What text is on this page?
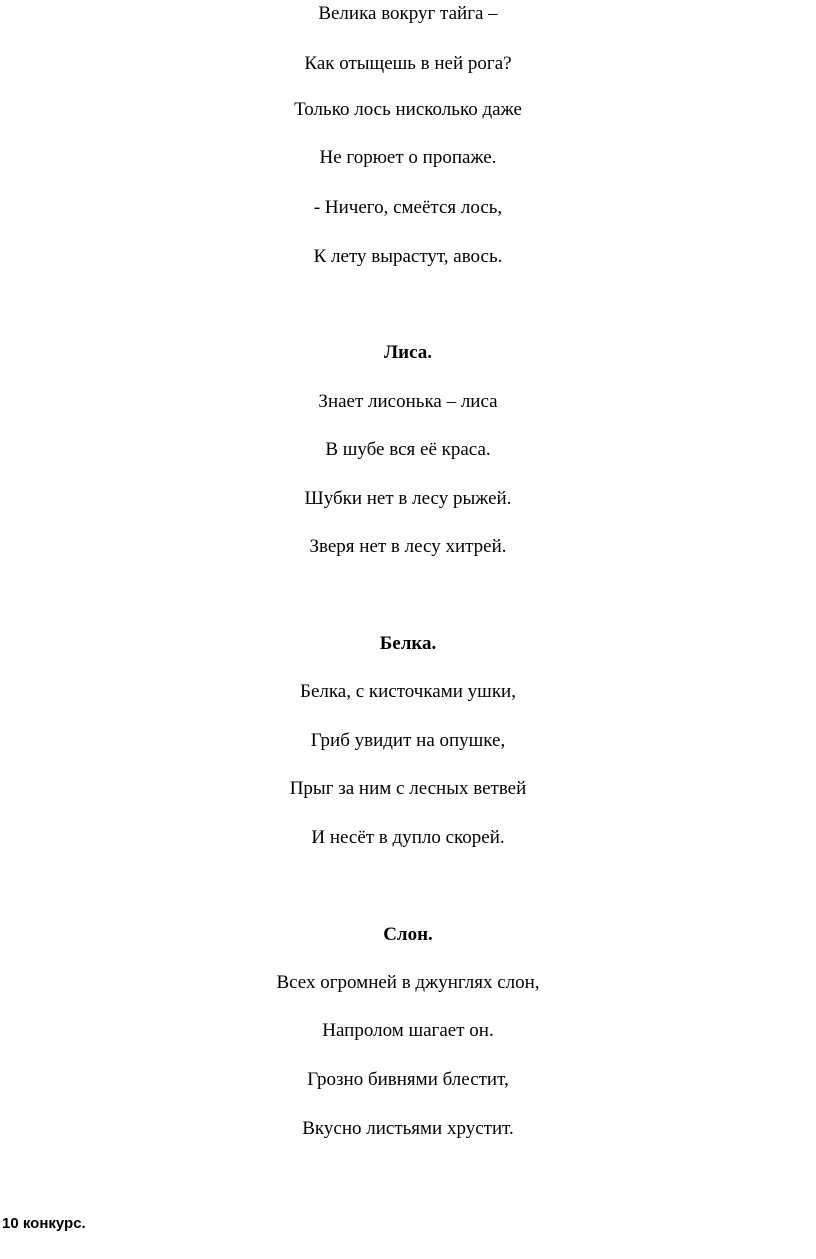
Велика вокруг тайга –
Как отыщешь в ней рога?
Только лось нисколько даже
Не горюет о пропаже.
- Ничего, смеётся лось,
К лету вырастут, авось.
Лиса.
Знает лисонька – лиса
В шубе вся её краса.
Шубки нет в лесу рыжей.
Зверя нет в лесу хитрей.
Белка.
Белка, с кисточками ушки,
Гриб увидит на опушке,
Прыг за ним с лесных ветвей
И несёт в дупло скорей.
Слон.
Всех огромней в джунглях слон,
Напролом шагает он.
Грозно бивнями блестит,
Вкусно листьями хрустит.
10 конкурс.
